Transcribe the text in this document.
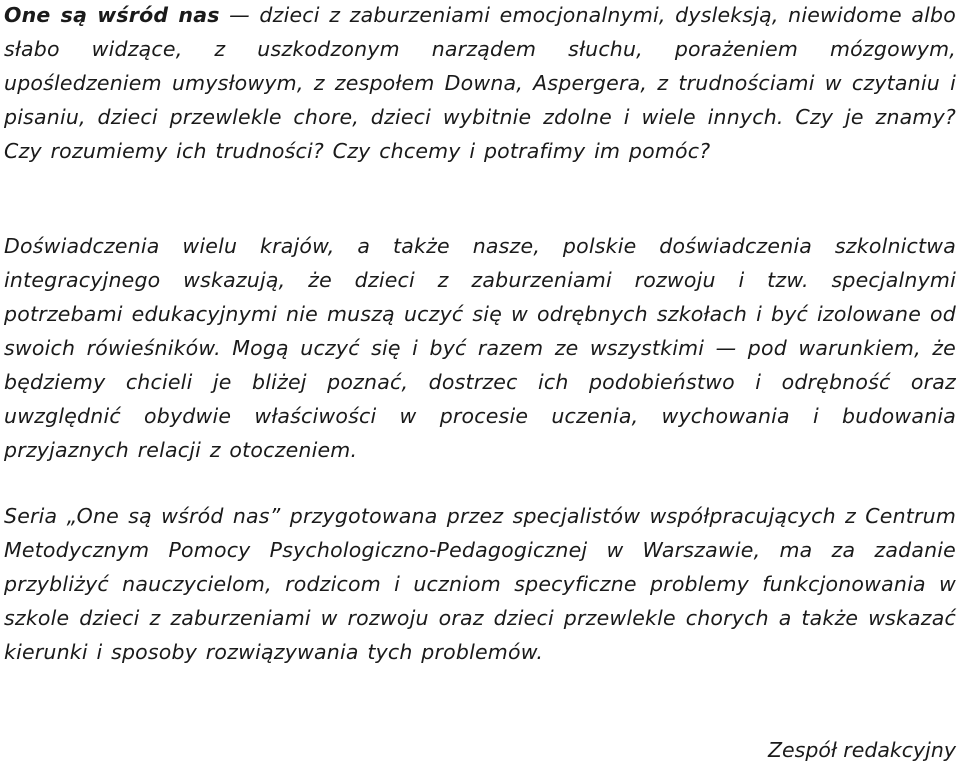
One są wśród nas — dzieci z zaburzeniami emocjonalnymi, dysleksją, niewidome albo słabo widzące, z uszkodzonym narządem słuchu, porażeniem mózgowym, upośledzeniem umysłowym, z zespołem Downa, Aspergera, z trudnościami w czytaniu i pisaniu, dzieci przewlekle chore, dzieci wybitnie zdolne i wiele innych. Czy je znamy? Czy rozumiemy ich trudności? Czy chcemy i potrafimy im pomóc?

Doświadczenia wielu krajów, a także nasze, polskie doświadczenia szkolnictwa integracyjnego wskazują, że dzieci z zaburzeniami rozwoju i tzw. specjalnymi potrzebami edukacyjnymi nie muszą uczyć się w odrębnych szkołach i być izolowane od swoich rówieśników. Mogą uczyć się i być razem ze wszystkimi — pod warunkiem, że będziemy chcieli je bliżej poznać, dostrzec ich podobieństwo i odrębność oraz uwzględnić obydwie właściwości w procesie uczenia, wychowania i budowania przyjaznych relacji z otoczeniem.

Seria „One są wśród nas” przygotowana przez specjalistów współpracujących z Centrum Metodycznym Pomocy Psychologiczno-Pedagogicznej w Warszawie, ma za zadanie przybliżyć nauczycielom, rodzicom i uczniom specyficzne problemy funkcjonowania w szkole dzieci z zaburzeniami w rozwoju oraz dzieci przewlekle chorych a także wskazać kierunki i sposoby rozwiązywania tych problemów.

Zespół redakcyjny
